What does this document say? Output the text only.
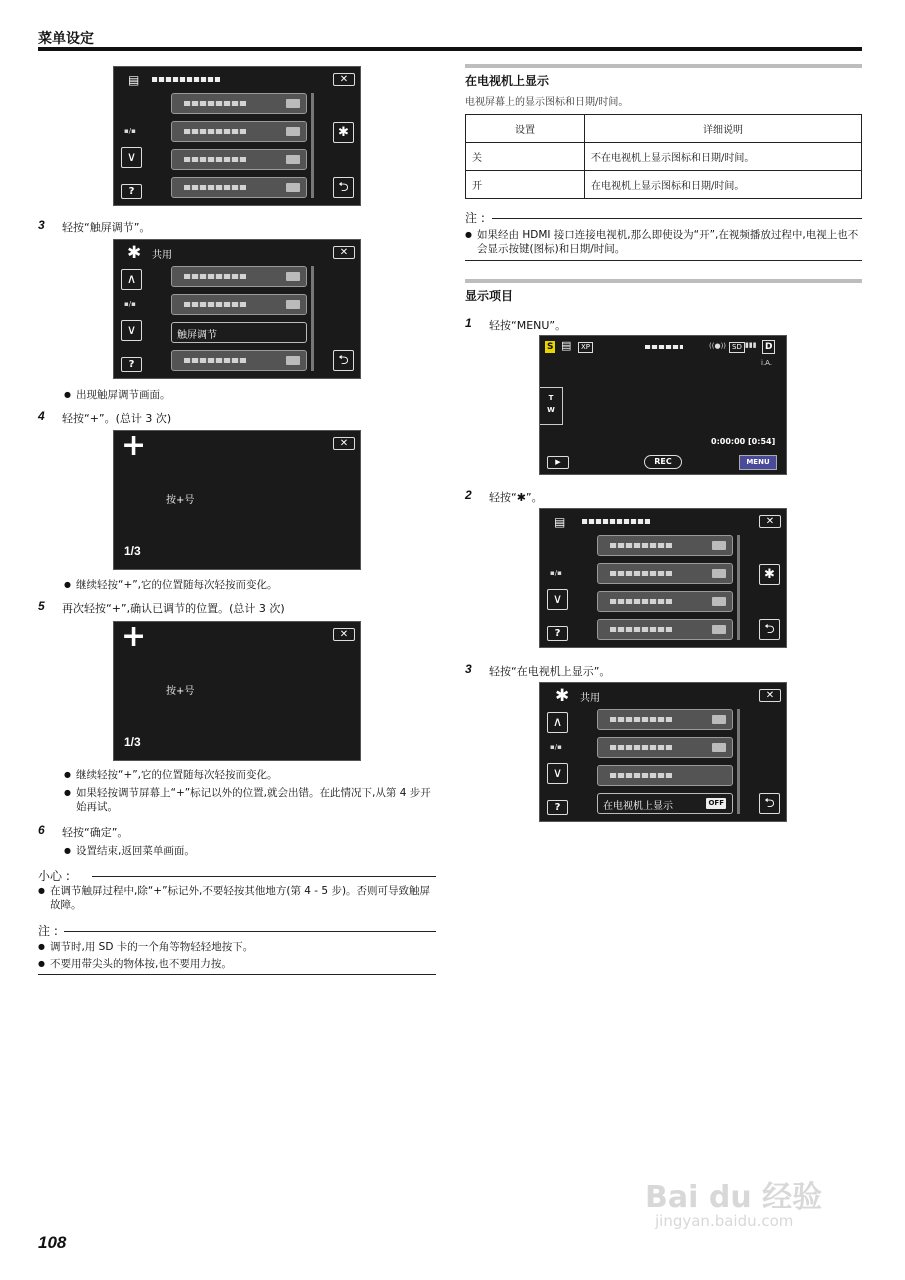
菜单设定
▤	✕
▪/▪
∨
?
✱
⮌
3 轻按“触屏调节”。
✱ 共用	✕
∧
▪/▪
∨
?
触屏调节
⮌
● 出现触屏调节画面。
4 轻按“+”。(总计 3 次)
+	✕
按+号
1/3
● 继续轻按“+”,它的位置随每次轻按而变化。
5 再次轻按“+”,确认已调节的位置。(总计 3 次)
+	✕
按+号
1/3
● 继续轻按“+”,它的位置随每次轻按而变化。
● 如果轻按调节屏幕上“+”标记以外的位置,就会出错。在此情况下,从第 4 步开始再试。
6 轻按“确定”。
● 设置结束,返回菜单画面。
小心 :
● 在调节触屏过程中,除“+”标记外,不要轻按其他地方(第 4 - 5 步)。否则可导致触屏故障。
注 :
● 调节时,用 SD 卡的一个角等物轻轻地按下。
● 不要用带尖头的物体按,也不要用力按。
在电视机上显示
电视屏幕上的显示图标和日期/时间。
设置	详细说明
关	不在电视机上显示图标和日期/时间。
开	在电视机上显示图标和日期/时间。
注 :
● 如果经由 HDMI 接口连接电视机,那么即使设为“开”,在视频播放过程中,电视上也不会显示按键(图标)和日期/时间。
显示项目
1 轻按“MENU”。
S ▤	XP	((●)) SD ▮▮▮ D
i.A.
T
W
0:00:00 [0:54]
▶	REC	MENU
2 轻按“✱”。
▤	✕
▪/▪
∨
?
✱
⮌
3 轻按“在电视机上显示”。
✱ 共用	✕
∧
▪/▪
∨
?	在电视机上显示	OFF	⮌
Bai du 经验
jingyan.baidu.com
108
